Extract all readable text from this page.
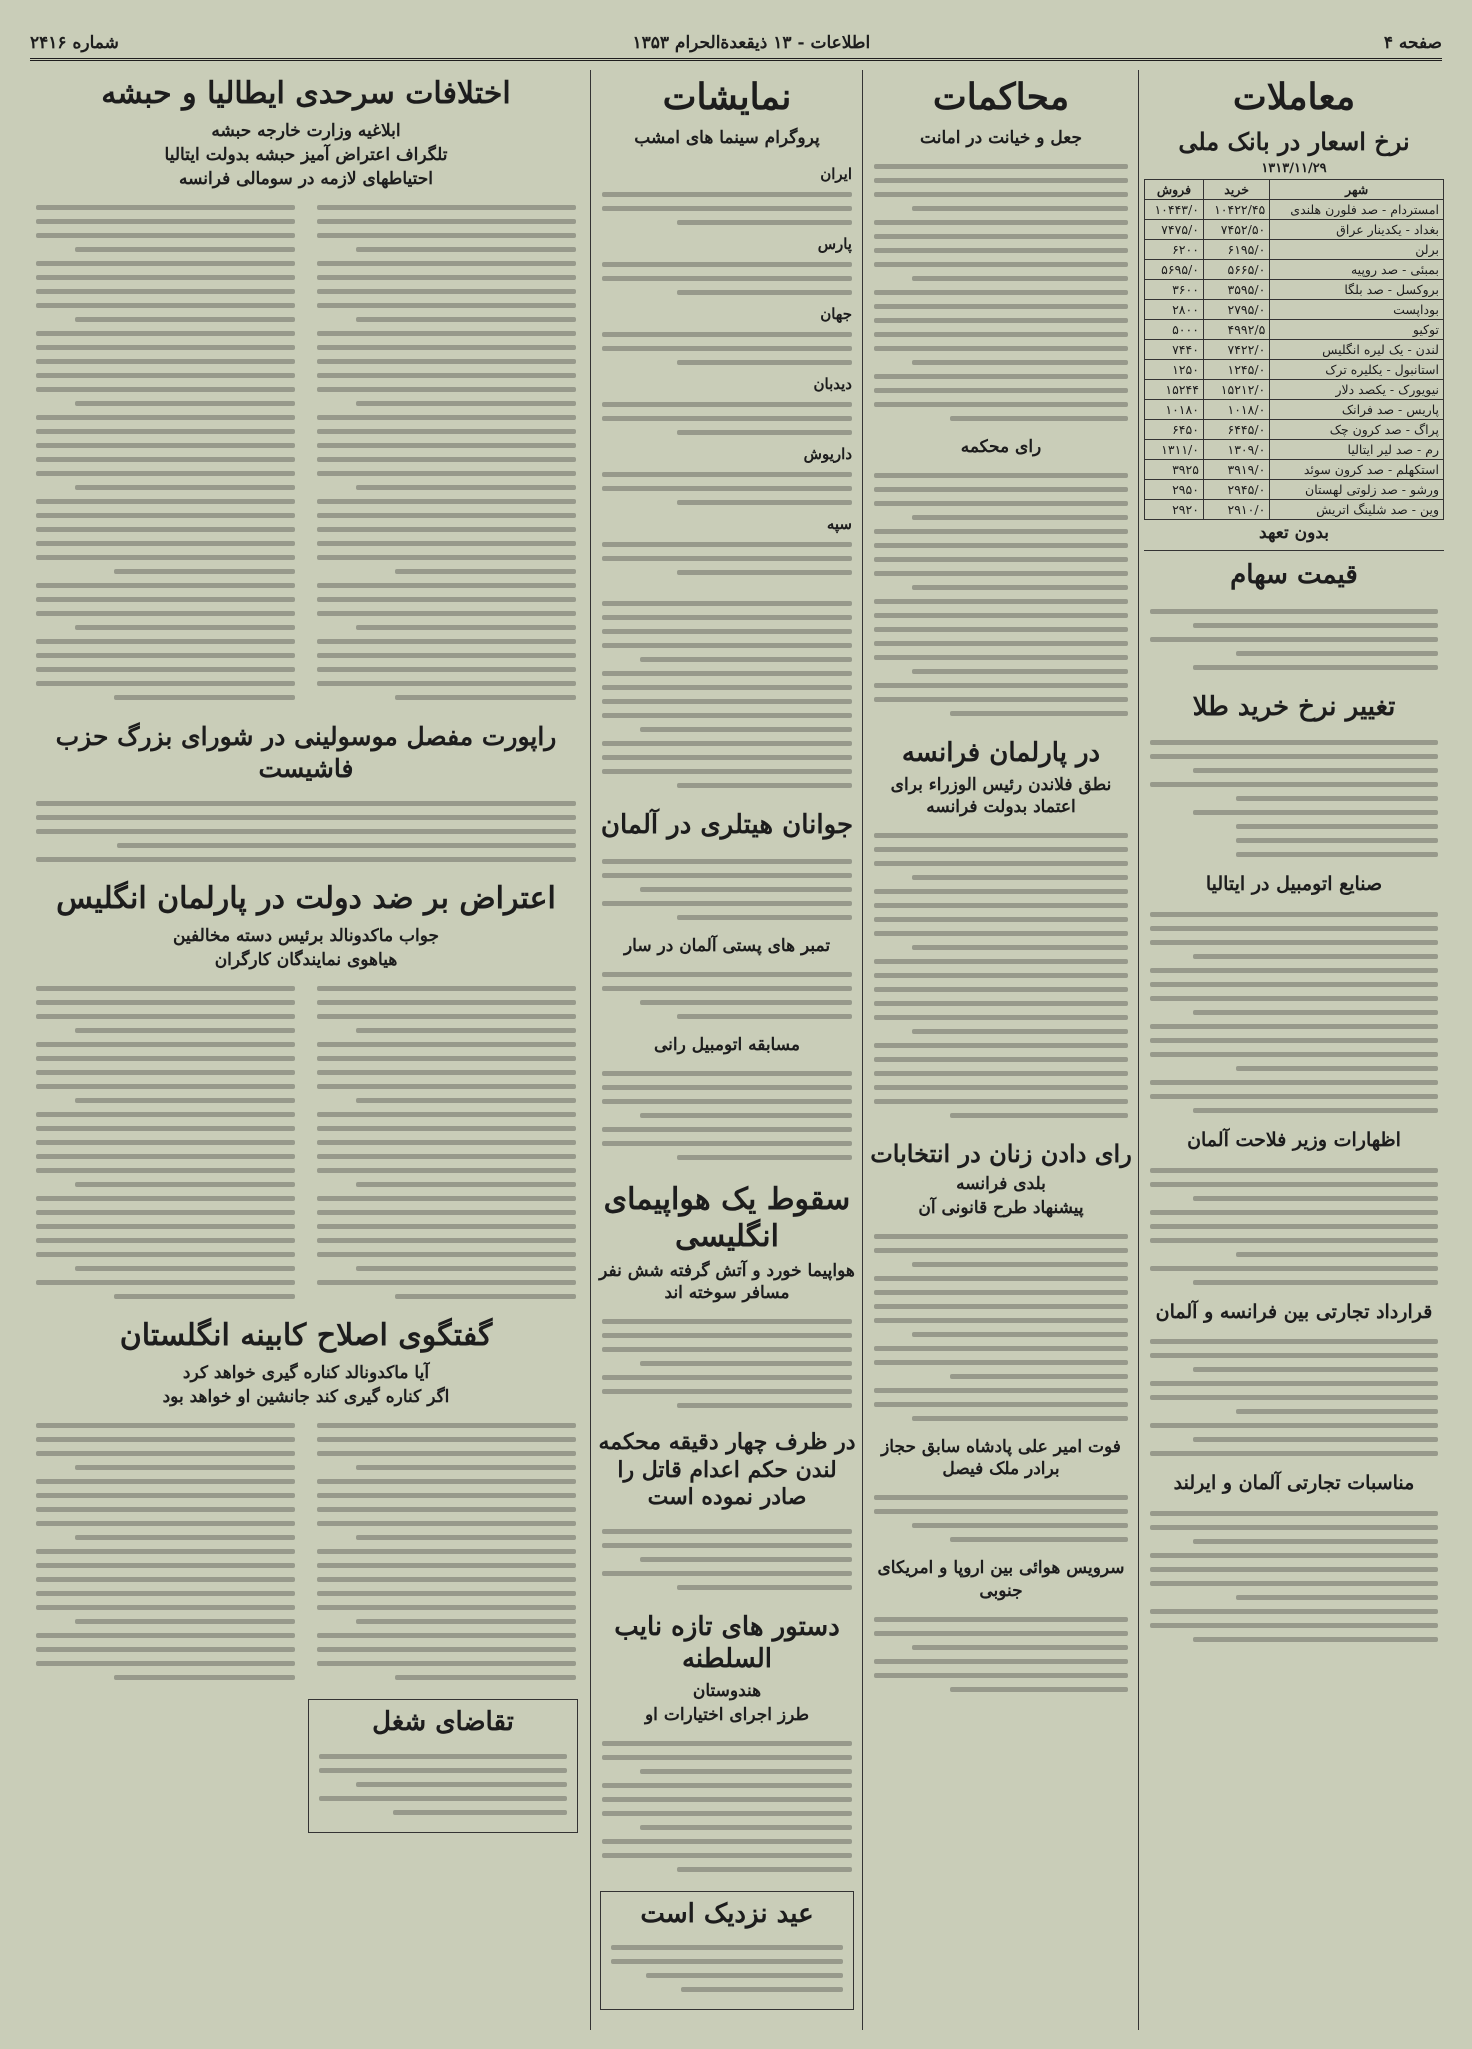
صفحه ۴
اطلاعات - ۱۳ ذیقعدةالحرام ۱۳۵۳
شماره ۲۴۱۶
معاملات
نرخ اسعار در بانک ملی
۱۳۱۳/۱۱/۲۹
شهر	خرید	فروش
امستردام - صد فلورن هلندی	۱۰۴۲۲/۴۵	۱۰۴۴۳/۰
بغداد - یکدینار عراق	۷۴۵۲/۵۰	۷۴۷۵/۰
برلن	۶۱۹۵/۰	۶۲۰۰
بمبئی - صد روپیه	۵۶۶۵/۰	۵۶۹۵/۰
بروکسل - صد بلگا	۳۵۹۵/۰	۳۶۰۰
بوداپست	۲۷۹۵/۰	۲۸۰۰
توکیو	۴۹۹۲/۵	۵۰۰۰
لندن - یک لیره انگلیس	۷۴۲۲/۰	۷۴۴۰
استانبول - یکلیره ترک	۱۲۴۵/۰	۱۲۵۰
نیویورک - یکصد دلار	۱۵۲۱۲/۰	۱۵۲۴۴
پاریس - صد فرانک	۱۰۱۸/۰	۱۰۱۸۰
پراگ - صد کرون چک	۶۴۴۵/۰	۶۴۵۰
رم - صد لیر ایتالیا	۱۳۰۹/۰	۱۳۱۱/۰
استکهلم - صد کرون سوئد	۳۹۱۹/۰	۳۹۲۵
ورشو - صد زلوتی لهستان	۲۹۴۵/۰	۲۹۵۰
وین - صد شلینگ اتریش	۲۹۱۰/۰	۲۹۲۰
بدون تعهد
قیمت سهام
تغییر نرخ خرید طلا
صنایع اتومبیل در ایتالیا
اظهارات وزیر فلاحت آلمان
قرارداد تجارتی بین فرانسه و آلمان
مناسبات تجارتی آلمان و ایرلند
محاکمات
جعل و خیانت در امانت
رای محکمه
در پارلمان فرانسه
نطق فلاندن رئیس الوزراء برای اعتماد بدولت فرانسه
رای دادن زنان در انتخابات
بلدی فرانسه
پیشنهاد طرح قانونی آن
فوت امیر علی پادشاه سابق حجاز برادر ملک فیصل
سرویس هوائی بین اروپا و امریکای جنوبی
نمایشات
پروگرام سینما های امشب
ایران
پارس
جهان
دیدبان
داریوش
سپه
جوانان هیتلری در آلمان
تمبر های پستی آلمان در سار
مسابقه اتومبیل رانی
سقوط یک هواپیمای انگلیسی
هواپیما خورد و آتش گرفته شش نفر مسافر سوخته اند
در ظرف چهار دقیقه محکمه لندن حکم اعدام قاتل را صادر نموده است
دستور های تازه نایب السلطنه
هندوستان
طرز اجرای اختیارات او
عید نزدیک است
اختلافات سرحدی ایطالیا و حبشه
ابلاغیه وزارت خارجه حبشه
تلگراف اعتراض آمیز حبشه بدولت ایتالیا
احتیاطهای لازمه در سومالی فرانسه
راپورت مفصل موسولینی در شورای بزرگ حزب فاشیست
اعتراض بر ضد دولت در پارلمان انگلیس
جواب ماکدونالد برئیس دسته مخالفین
هیاهوی نمایندگان کارگران
گفتگوی اصلاح کابینه انگلستان
آیا ماکدونالد کناره گیری خواهد کرد
اگر کناره گیری کند جانشین او خواهد بود
تقاضای شغل
